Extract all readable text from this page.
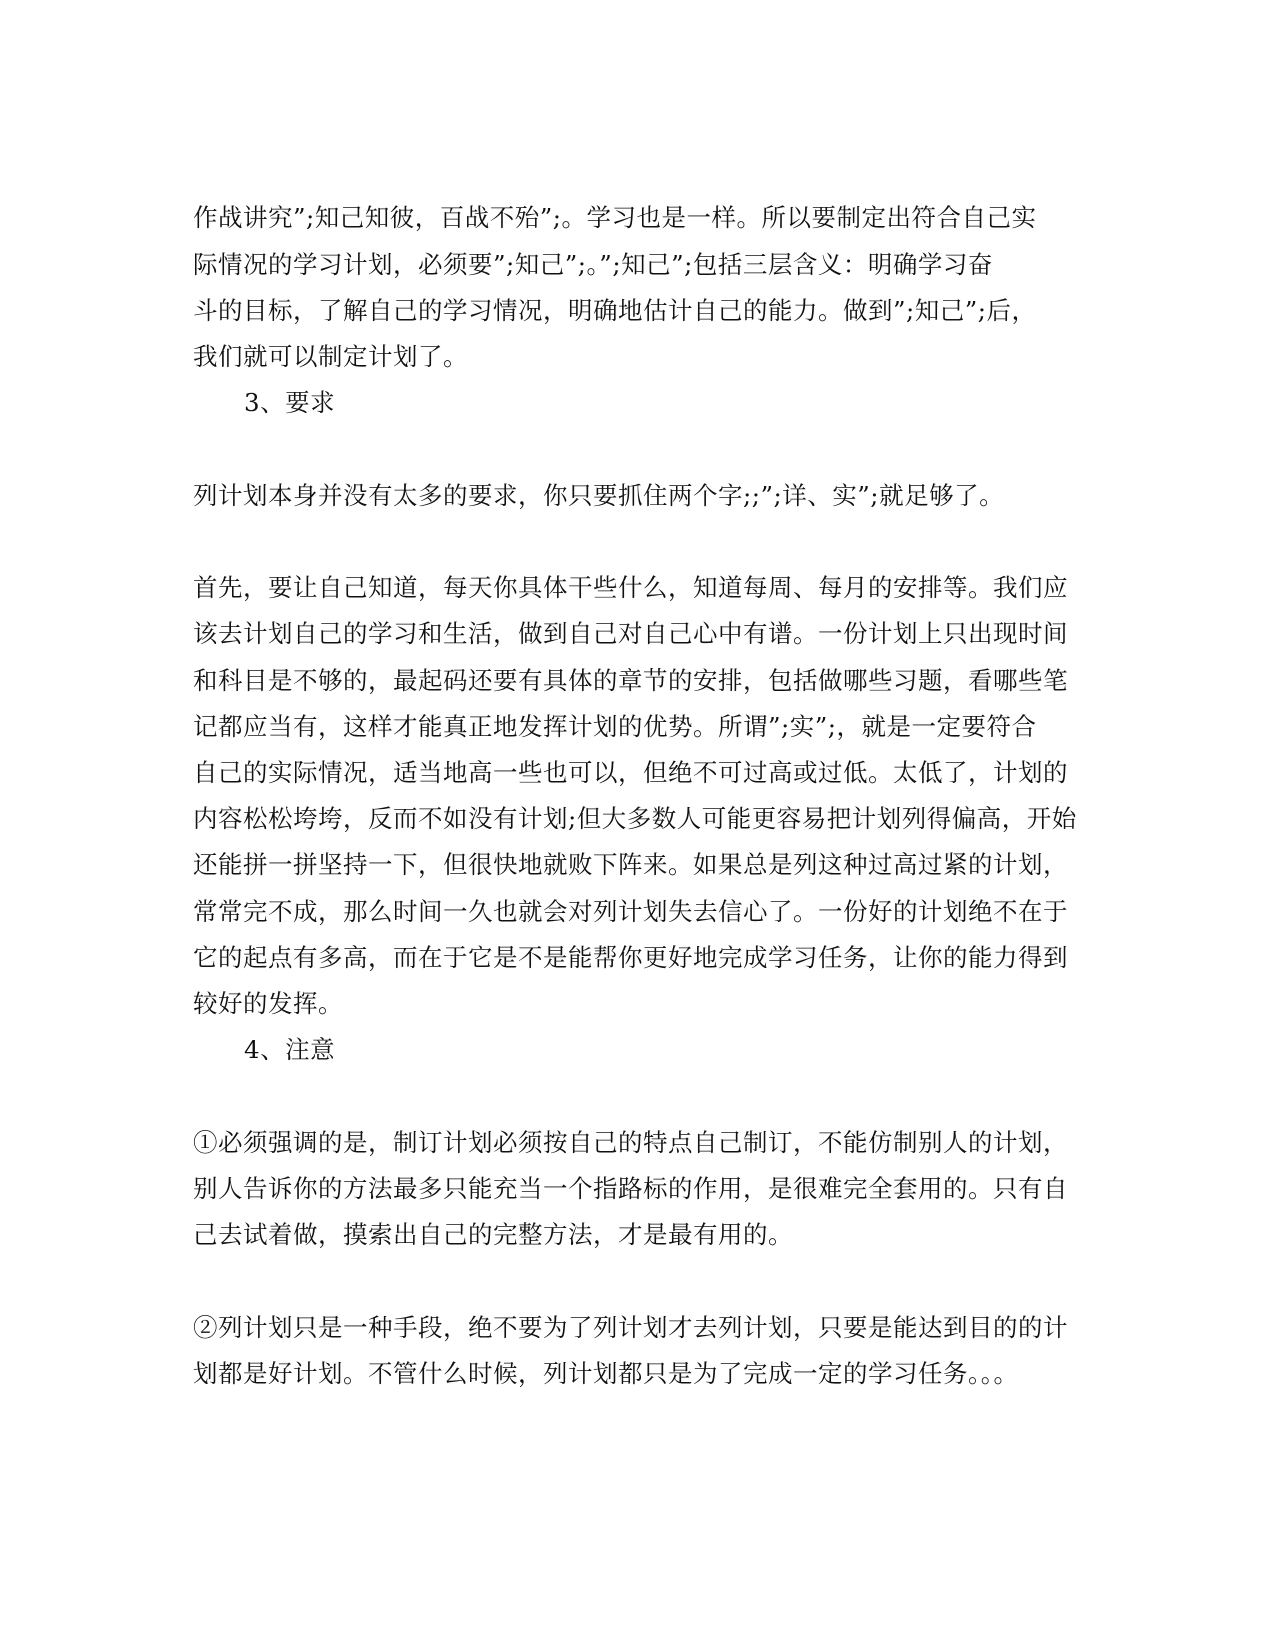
作战讲究”;知己知彼，百战不殆”;。学习也是一样。所以要制定出符合自己实

际情况的学习计划，必须要”;知己”;。”;知己”;包括三层含义：明确学习奋

斗的目标，了解自己的学习情况，明确地估计自己的能力。做到”;知己”;后，

我们就可以制定计划了。

3、要求

列计划本身并没有太多的要求，你只要抓住两个字;;”;详、实”;就足够了。

首先，要让自己知道，每天你具体干些什么，知道每周、每月的安排等。我们应

该去计划自己的学习和生活，做到自己对自己心中有谱。一份计划上只出现时间

和科目是不够的，最起码还要有具体的章节的安排，包括做哪些习题，看哪些笔

记都应当有，这样才能真正地发挥计划的优势。所谓”;实”;，就是一定要符合

自己的实际情况，适当地高一些也可以，但绝不可过高或过低。太低了，计划的

内容松松垮垮，反而不如没有计划;但大多数人可能更容易把计划列得偏高，开始

还能拼一拼坚持一下，但很快地就败下阵来。如果总是列这种过高过紧的计划，

常常完不成，那么时间一久也就会对列计划失去信心了。一份好的计划绝不在于

它的起点有多高，而在于它是不是能帮你更好地完成学习任务，让你的能力得到

较好的发挥。

4、注意

①必须强调的是，制订计划必须按自己的特点自己制订，不能仿制别人的计划，

别人告诉你的方法最多只能充当一个指路标的作用，是很难完全套用的。只有自

己去试着做，摸索出自己的完整方法，才是最有用的。

②列计划只是一种手段，绝不要为了列计划才去列计划，只要是能达到目的的计

划都是好计划。不管什么时候，列计划都只是为了完成一定的学习任务。。。
